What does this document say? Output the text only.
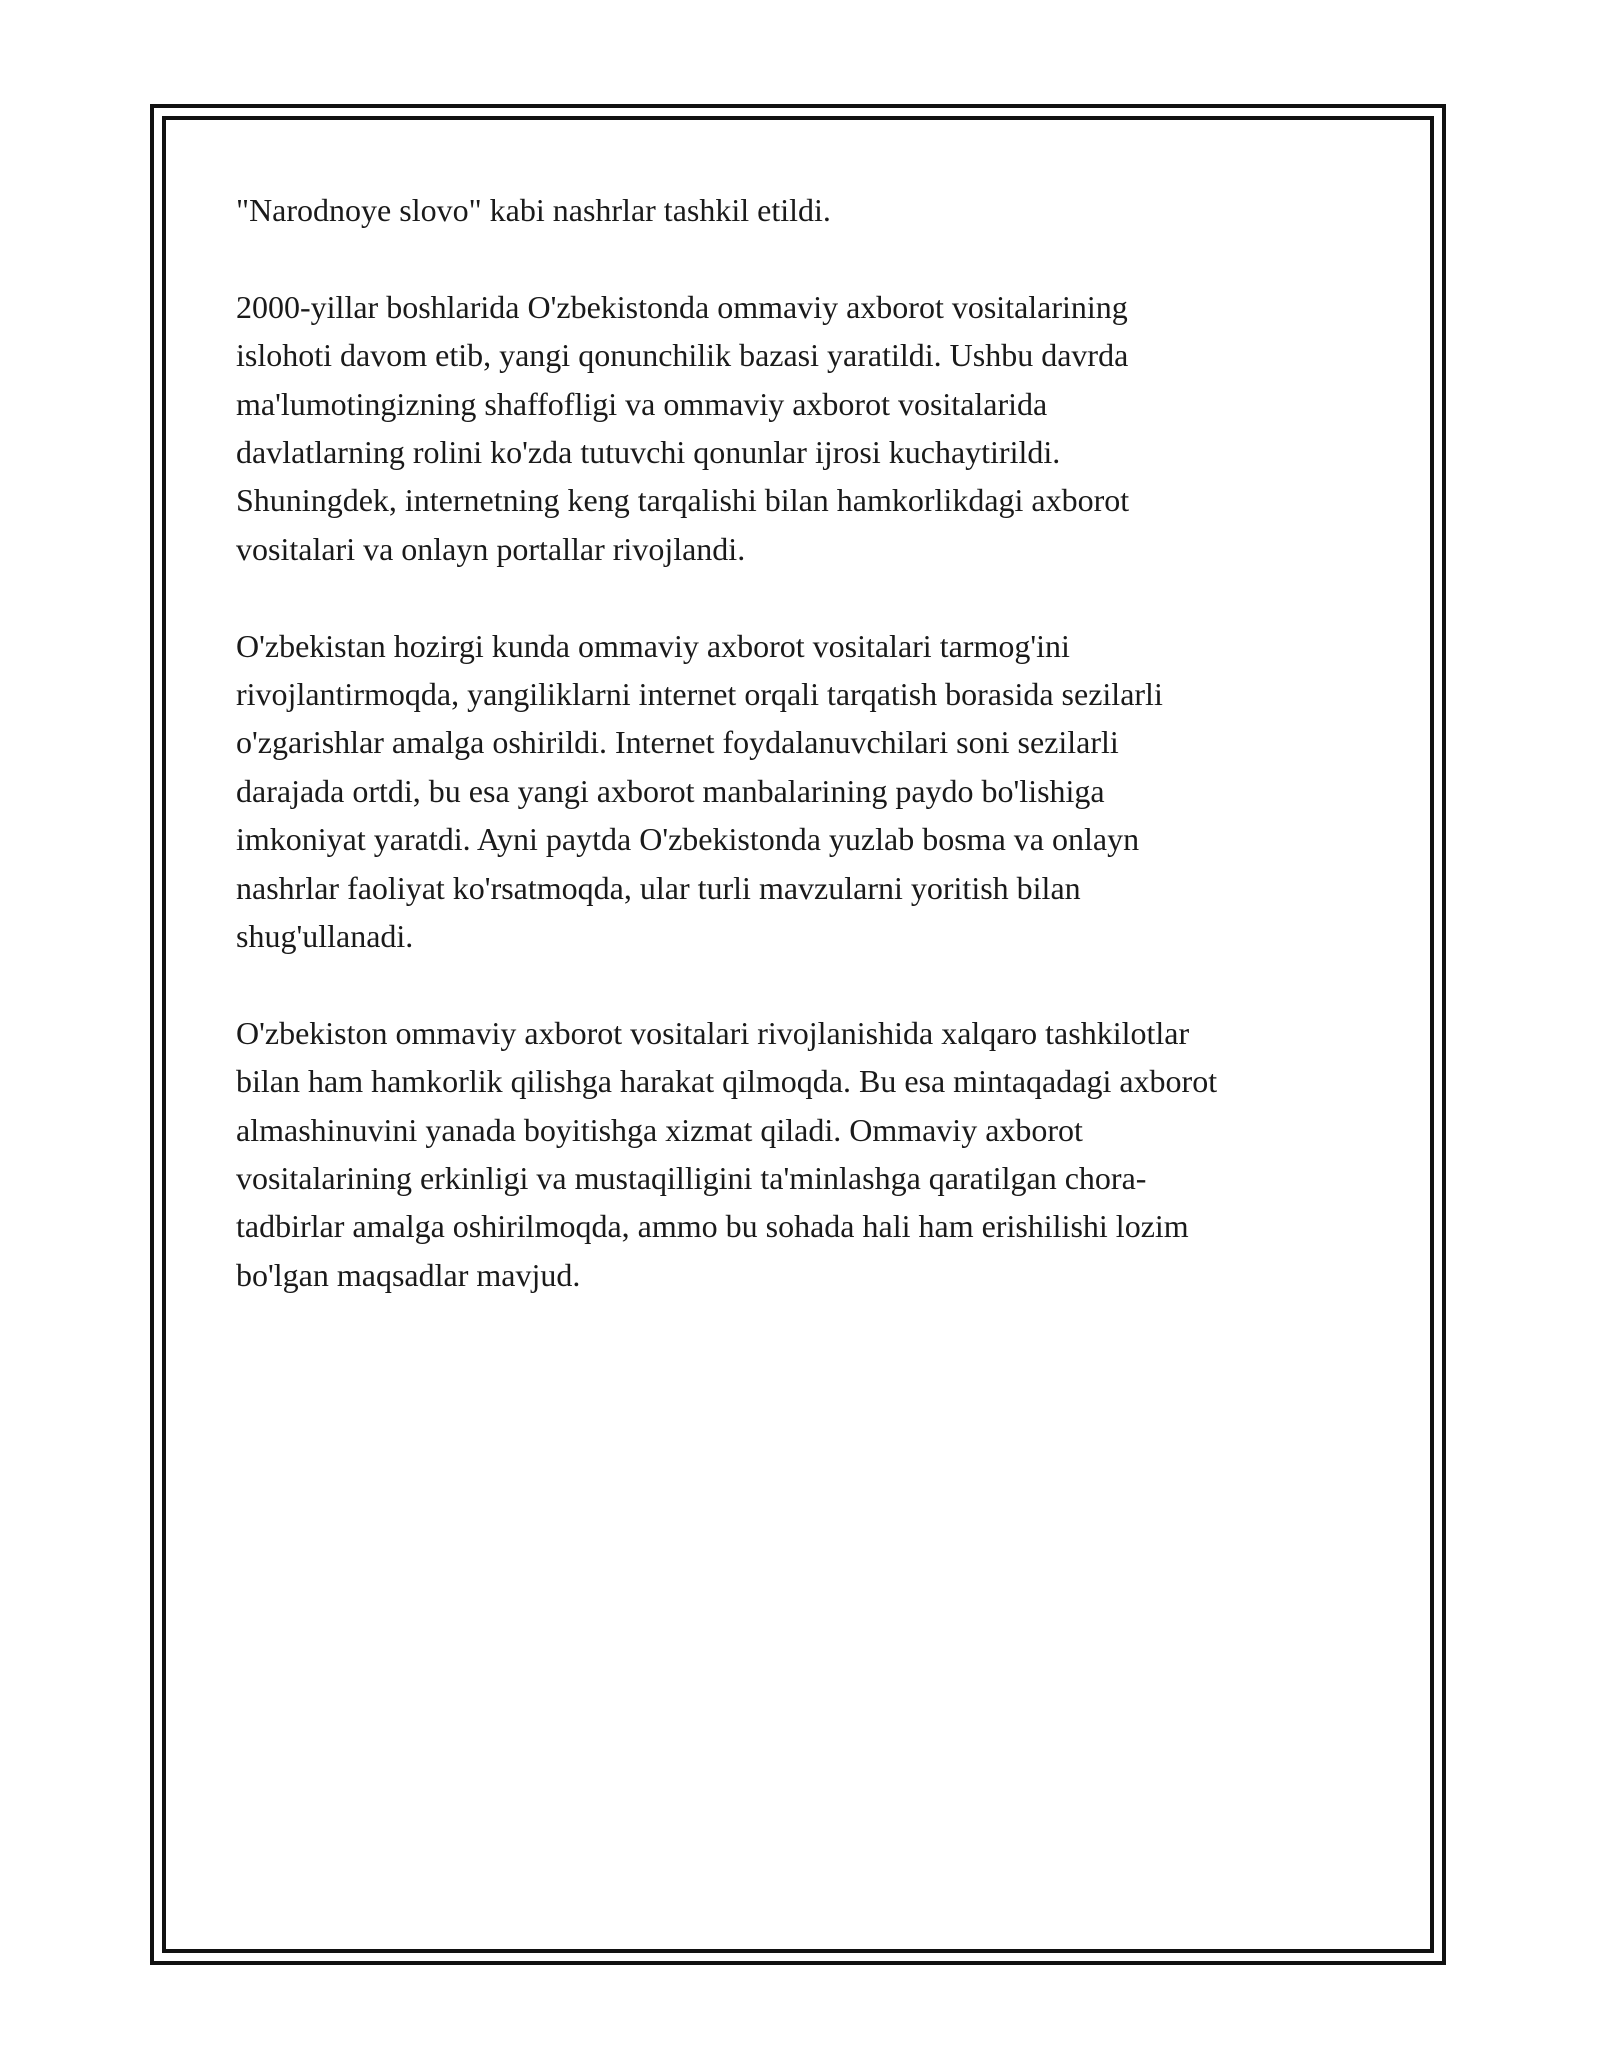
"Narodnoye slovo" kabi nashrlar tashkil etildi.

2000-yillar boshlarida O'zbekistonda ommaviy axborot vositalarining
islohoti davom etib, yangi qonunchilik bazasi yaratildi. Ushbu davrda
ma'lumotingizning shaffofligi va ommaviy axborot vositalarida
davlatlarning rolini ko'zda tutuvchi qonunlar ijrosi kuchaytirildi.
Shuningdek, internetning keng tarqalishi bilan hamkorlikdagi axborot
vositalari va onlayn portallar rivojlandi.

O'zbekistan hozirgi kunda ommaviy axborot vositalari tarmog'ini
rivojlantirmoqda, yangiliklarni internet orqali tarqatish borasida sezilarli
o'zgarishlar amalga oshirildi. Internet foydalanuvchilari soni sezilarli
darajada ortdi, bu esa yangi axborot manbalarining paydo bo'lishiga
imkoniyat yaratdi. Ayni paytda O'zbekistonda yuzlab bosma va onlayn
nashrlar faoliyat ko'rsatmoqda, ular turli mavzularni yoritish bilan
shug'ullanadi.

O'zbekiston ommaviy axborot vositalari rivojlanishida xalqaro tashkilotlar
bilan ham hamkorlik qilishga harakat qilmoqda. Bu esa mintaqadagi axborot
almashinuvini yanada boyitishga xizmat qiladi. Ommaviy axborot
vositalarining erkinligi va mustaqilligini ta'minlashga qaratilgan chora-
tadbirlar amalga oshirilmoqda, ammo bu sohada hali ham erishilishi lozim
bo'lgan maqsadlar mavjud.
